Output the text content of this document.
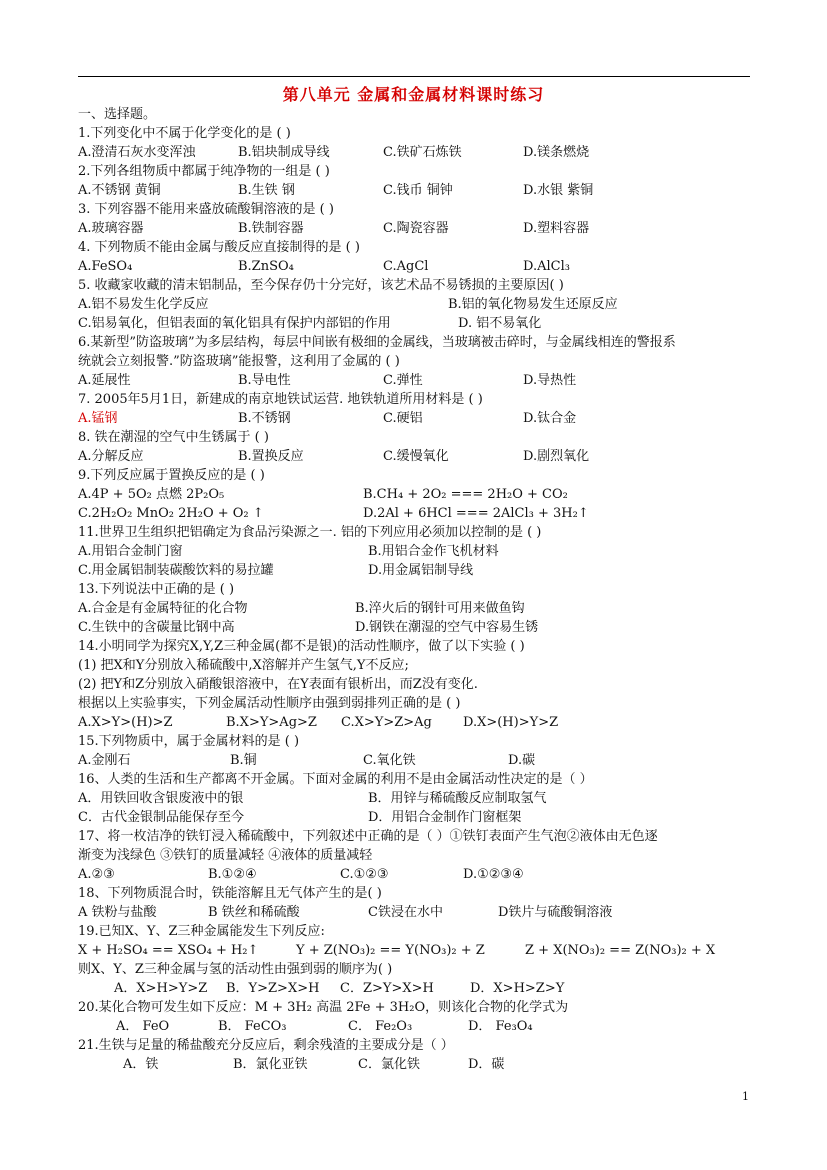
第八单元 金属和金属材料课时练习
一、选择题。
1.下列变化中不属于化学变化的是 ( )
A.澄清石灰水变浑浊	B.铝块制成导线	C.铁矿石炼铁	D.镁条燃烧
2.下列各组物质中都属于纯净物的一组是 ( )
A.不锈钢 黄铜	B.生铁 钢	C.钱币 铜钟	D.水银 紫铜
3. 下列容器不能用来盛放硫酸铜溶液的是 ( )
A.玻璃容器	B.铁制容器	C.陶瓷容器	D.塑料容器
4. 下列物质不能由金属与酸反应直接制得的是 ( )
A.FeSO₄	B.ZnSO₄	C.AgCl	D.AlCl₃
5. 收藏家收藏的清末铝制品，至今保存仍十分完好，该艺术品不易锈损的主要原因( )
A.铝不易发生化学反应	B.铝的氧化物易发生还原反应
C.铝易氧化，但铝表面的氧化铝具有保护内部铝的作用	D. 铝不易氧化
6.某新型”防盗玻璃”为多层结构，每层中间嵌有极细的金属线，当玻璃被击碎时，与金属线相连的警报系
统就会立刻报警.”防盗玻璃”能报警，这利用了金属的 ( )
A.延展性	B.导电性	C.弹性	D.导热性
7. 2005年5月1日，新建成的南京地铁试运营. 地铁轨道所用材料是 ( )
A.锰钢	B.不锈钢	C.硬铝	D.钛合金
8. 铁在潮湿的空气中生锈属于 ( )
A.分解反应	B.置换反应	C.缓慢氧化	D.剧烈氧化
9.下列反应属于置换反应的是 ( )
A.4P + 5O₂ 点燃 2P₂O₅	B.CH₄ + 2O₂ === 2H₂O + CO₂
C.2H₂O₂ MnO₂ 2H₂O + O₂ ↑	D.2Al + 6HCl === 2AlCl₃ + 3H₂↑
11.世界卫生组织把铝确定为食品污染源之一. 铝的下列应用必须加以控制的是 ( )
A.用铝合金制门窗	B.用铝合金作飞机材料
C.用金属铝制装碳酸饮料的易拉罐	D.用金属铝制导线
13.下列说法中正确的是 ( )
A.合金是有金属特征的化合物	B.淬火后的钢针可用来做鱼钩
C.生铁中的含碳量比钢中高	D.钢铁在潮湿的空气中容易生锈
14.小明同学为探究X,Y,Z三种金属(都不是银)的活动性顺序，做了以下实验 ( )
(1) 把X和Y分别放入稀硫酸中,X溶解并产生氢气,Y不反应;
(2) 把Y和Z分别放入硝酸银溶液中，在Y表面有银析出，而Z没有变化.
根据以上实验事实，下列金属活动性顺序由强到弱排列正确的是 ( )
A.X>Y>(H)>Z	B.X>Y>Ag>Z C.X>Y>Z>Ag D.X>(H)>Y>Z
15.下列物质中，属于金属材料的是 ( )
A.金刚石	B.铜	C.氧化铁	D.碳
16、人类的生活和生产都离不开金属。下面对金属的利用不是由金属活动性决定的是（ ）
A．用铁回收含银废液中的银	B．用锌与稀硫酸反应制取氢气
C．古代金银制品能保存至今	D．用铝合金制作门窗框架
17、将一枚洁净的铁钉浸入稀硫酸中，下列叙述中正确的是（ ）①铁钉表面产生气泡②液体由无色逐
渐变为浅绿色 ③铁钉的质量减轻 ④液体的质量减轻
A.②③	B.①②④	C.①②③	D.①②③④
18、下列物质混合时，铁能溶解且无气体产生的是( )
A 铁粉与盐酸	B 铁丝和稀硫酸	C铁浸在水中	D铁片与硫酸铜溶液
19.已知X、Y、Z三种金属能发生下列反应:
X + H₂SO₄ == XSO₄ + H₂↑	Y + Z(NO₃)₂ == Y(NO₃)₂ + Z	Z + X(NO₃)₂ == Z(NO₃)₂ + X
则X、Y、Z三种金属与氢的活动性由强到弱的顺序为( )
A．X>H>Y>Z B．Y>Z>X>H C．Z>Y>X>H	D．X>H>Z>Y
20.某化合物可发生如下反应：M + 3H₂ 高温 2Fe + 3H₂O，则该化合物的化学式为
A． FeO	B． FeCO₃	C． Fe₂O₃	D． Fe₃O₄
21.生铁与足量的稀盐酸充分反应后，剩余残渣的主要成分是（ ）
A．铁	B．氯化亚铁	C．氯化铁	D．碳
1
